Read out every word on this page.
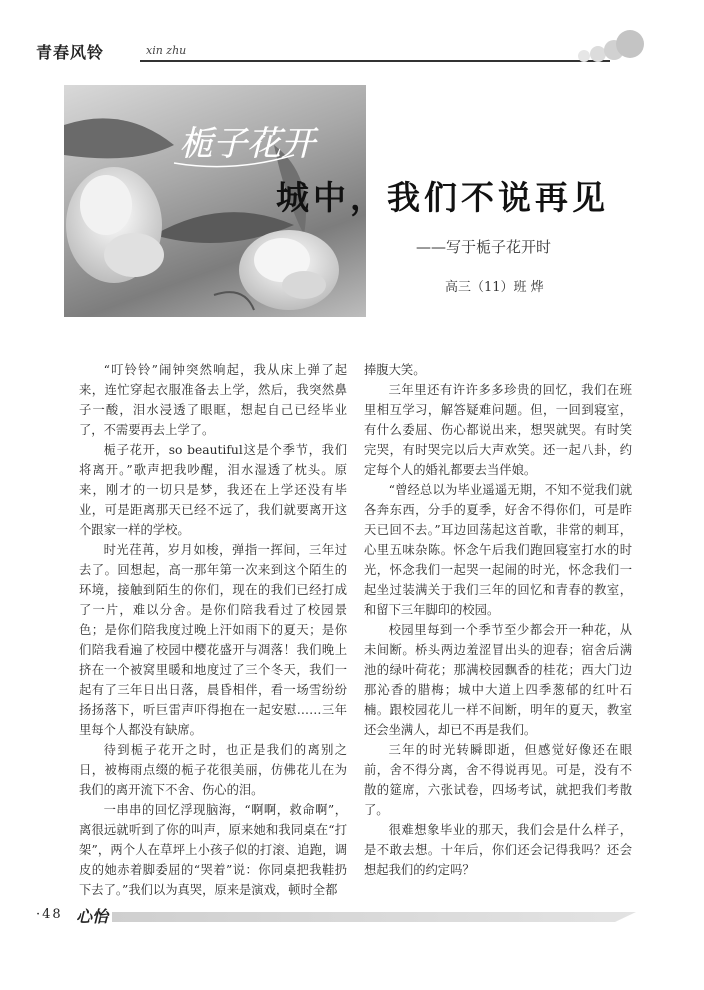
青春风铃	xin zhu
栀子花开
城中，我们不说再见
——写于栀子花开时
高三（11）班 烨

“叮铃铃”闹钟突然响起，我从床上弹了起来，连忙穿起衣服准备去上学，然后，我突然鼻子一酸，泪水浸透了眼眶，想起自己已经毕业了，不需要再去上学了。

栀子花开，so beautiful这是个季节，我们将离开。”歌声把我吵醒，泪水湿透了枕头。原来，刚才的一切只是梦，我还在上学还没有毕业，可是距离那天已经不远了，我们就要离开这个跟家一样的学校。

时光荏苒，岁月如梭，弹指一挥间，三年过去了。回想起，高一那年第一次来到这个陌生的环境，接触到陌生的你们，现在的我们已经打成了一片，难以分舍。是你们陪我看过了校园景色；是你们陪我度过晚上汗如雨下的夏天；是你们陪我看遍了校园中樱花盛开与凋落！我们晚上挤在一个被窝里暖和地度过了三个冬天，我们一起有了三年日出日落，晨昏相伴，看一场雪纷纷扬扬落下，听巨雷声吓得抱在一起安慰……三年里每个人都没有缺席。

待到栀子花开之时，也正是我们的离别之日，被梅雨点缀的栀子花很美丽，仿佛花儿在为我们的离开流下不舍、伤心的泪。

一串串的回忆浮现脑海，“啊啊，救命啊”，离很远就听到了你的叫声，原来她和我同桌在“打架”，两个人在草坪上小孩子似的打滚、追跑，调皮的她赤着脚委屈的“哭着”说：你同桌把我鞋扔下去了。”我们以为真哭，原来是演戏，顿时全都

捧腹大笑。

三年里还有许许多多珍贵的回忆，我们在班里相互学习，解答疑难问题。但，一回到寝室，有什么委屈、伤心都说出来，想哭就哭。有时笑完哭，有时哭完以后大声欢笑。还一起八卦，约定每个人的婚礼都要去当伴娘。

“曾经总以为毕业遥遥无期，不知不觉我们就各奔东西，分手的夏季，好舍不得你们，可是昨天已回不去。”耳边回荡起这首歌，非常的刺耳，心里五味杂陈。怀念午后我们跑回寝室打水的时光，怀念我们一起哭一起闹的时光，怀念我们一起坐过装满关于我们三年的回忆和青春的教室，和留下三年脚印的校园。

校园里每到一个季节至少都会开一种花，从未间断。桥头两边羞涩冒出头的迎春；宿舍后满池的绿叶荷花；那满校园飘香的桂花；西大门边那沁香的腊梅；城中大道上四季葱郁的红叶石楠。跟校园花儿一样不间断，明年的夏天，教室还会坐满人，却已不再是我们。

三年的时光转瞬即逝，但感觉好像还在眼前，舍不得分离，舍不得说再见。可是，没有不散的筵席，六张试卷，四场考试，就把我们考散了。

很难想象毕业的那天，我们会是什么样子，是不敢去想。十年后，你们还会记得我吗？还会想起我们的约定吗？

·48 心怡
